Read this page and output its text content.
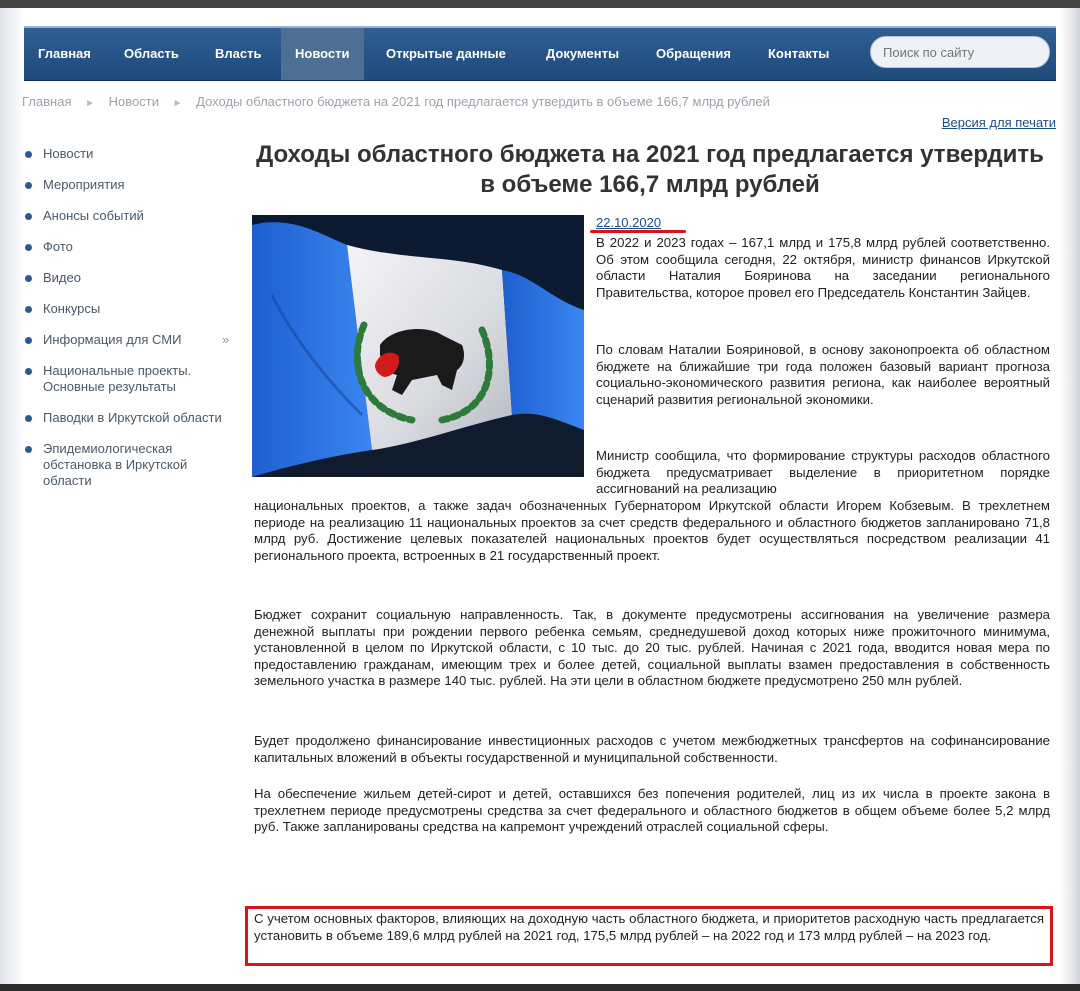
Главная	Область	Власть	Новости	Открытые данные	Документы	Обращения	Контакты
Поиск по сайту
Главная ► Новости ► Доходы областного бюджета на 2021 год предлагается утвердить в объеме 166,7 млрд рублей
Версия для печати
Новости
Мероприятия
Анонсы событий
Фото
Видео
Конкурсы
Информация для СМИ	»
Национальные проекты. Основные результаты
Паводки в Иркутской области
Эпидемиологическая обстановка в Иркутской области
Доходы областного бюджета на 2021 год предлагается утвердить в объеме 166,7 млрд рублей
22.10.2020
В 2022 и 2023 годах – 167,1 млрд и 175,8 млрд рублей соответственно. Об этом сообщила сегодня, 22 октября, министр финансов Иркутской области Наталия Бояринова на заседании регионального Правительства, которое провел его Председатель Константин Зайцев.
По словам Наталии Бояриновой, в основу законопроекта об областном бюджете на ближайшие три года положен базовый вариант прогноза социально-экономического развития региона, как наиболее вероятный сценарий развития региональной экономики.
Министр сообщила, что формирование структуры расходов областного бюджета предусматривает выделение в приоритетном порядке ассигнований на реализацию
национальных проектов, а также задач обозначенных Губернатором Иркутской области Игорем Кобзевым. В трехлетнем периоде на реализацию 11 национальных проектов за счет средств федерального и областного бюджетов запланировано 71,8 млрд руб. Достижение целевых показателей национальных проектов будет осуществляться посредством реализации 41 регионального проекта, встроенных в 21 государственный проект.
Бюджет сохранит социальную направленность. Так, в документе предусмотрены ассигнования на увеличение размера денежной выплаты при рождении первого ребенка семьям, среднедушевой доход которых ниже прожиточного минимума, установленной в целом по Иркутской области, с 10 тыс. до 20 тыс. рублей. Начиная с 2021 года, вводится новая мера по предоставлению гражданам, имеющим трех и более детей, социальной выплаты взамен предоставления в собственность земельного участка в размере 140 тыс. рублей. На эти цели в областном бюджете предусмотрено 250 млн рублей.
Будет продолжено финансирование инвестиционных расходов с учетом межбюджетных трансфертов на софинансирование капитальных вложений в объекты государственной и муниципальной собственности.
На обеспечение жильем детей-сирот и детей, оставшихся без попечения родителей, лиц из их числа в проекте закона в трехлетнем периоде предусмотрены средства за счет федерального и областного бюджетов в общем объеме более 5,2 млрд руб. Также запланированы средства на капремонт учреждений отраслей социальной сферы.
С учетом основных факторов, влияющих на доходную часть областного бюджета, и приоритетов расходную часть предлагается установить в объеме 189,6 млрд рублей на 2021 год, 175,5 млрд рублей – на 2022 год и 173 млрд рублей – на 2023 год.
